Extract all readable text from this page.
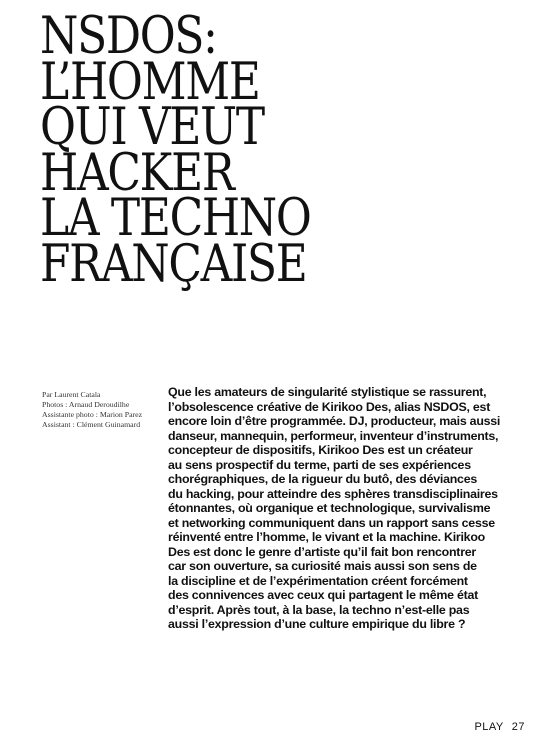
NSDOS:
L’HOMME
QUI VEUT
HACKER
LA TECHNO
FRANÇAISE
Par Laurent Catala
Photos : Arnaud Deroudilhe
Assistante photo : Marion Parez
Assistant : Clément Guinamard

Que les amateurs de singularité stylistique se rassurent,
l’obsolescence créative de Kirikoo Des, alias NSDOS, est
encore loin d’être programmée. DJ, producteur, mais aussi
danseur, mannequin, performeur, inventeur d’instruments,
concepteur de dispositifs, Kirikoo Des est un créateur
au sens prospectif du terme, parti de ses expériences
chorégraphiques, de la rigueur du butô, des déviances
du hacking, pour atteindre des sphères transdisciplinaires
étonnantes, où organique et technologique, survivalisme
et networking communiquent dans un rapport sans cesse
réinventé entre l’homme, le vivant et la machine. Kirikoo
Des est donc le genre d’artiste qu’il fait bon rencontrer
car son ouverture, sa curiosité mais aussi son sens de
la discipline et de l’expérimentation créent forcément
des connivences avec ceux qui partagent le même état
d’esprit. Après tout, à la base, la techno n’est-elle pas
aussi l’expression d’une culture empirique du libre ?

PLAY 27
